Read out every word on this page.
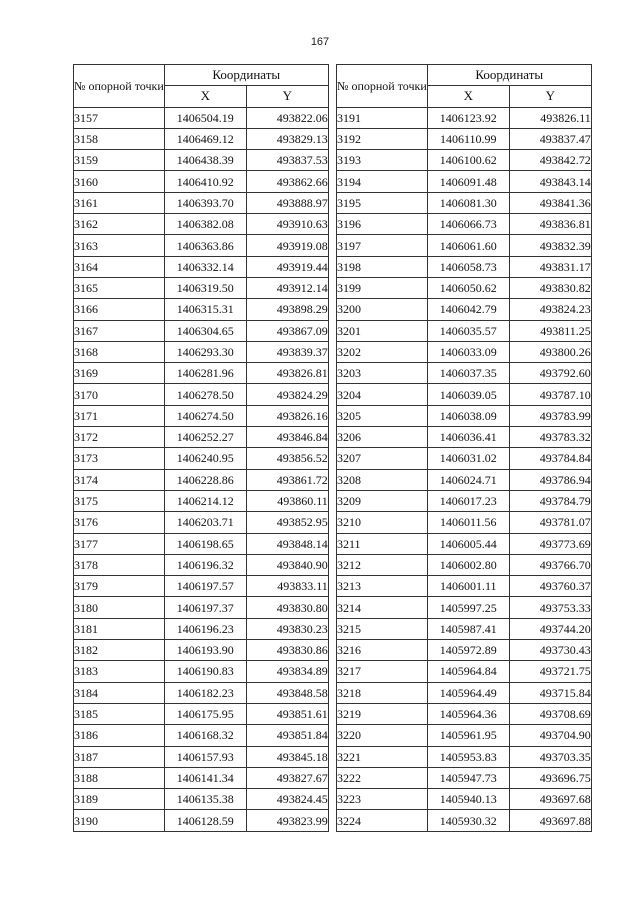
167
№ опорной точки	Координаты	
	X	Y
3157	1406504.19	493822.06
3158	1406469.12	493829.13
3159	1406438.39	493837.53
3160	1406410.92	493862.66
3161	1406393.70	493888.97
3162	1406382.08	493910.63
3163	1406363.86	493919.08
3164	1406332.14	493919.44
3165	1406319.50	493912.14
3166	1406315.31	493898.29
3167	1406304.65	493867.09
3168	1406293.30	493839.37
3169	1406281.96	493826.81
3170	1406278.50	493824.29
3171	1406274.50	493826.16
3172	1406252.27	493846.84
3173	1406240.95	493856.52
3174	1406228.86	493861.72
3175	1406214.12	493860.11
3176	1406203.71	493852.95
3177	1406198.65	493848.14
3178	1406196.32	493840.90
3179	1406197.57	493833.11
3180	1406197.37	493830.80
3181	1406196.23	493830.23
3182	1406193.90	493830.86
3183	1406190.83	493834.89
3184	1406182.23	493848.58
3185	1406175.95	493851.61
3186	1406168.32	493851.84
3187	1406157.93	493845.18
3188	1406141.34	493827.67
3189	1406135.38	493824.45
3190	1406128.59	493823.99
№ опорной точки	Координаты	
	X	Y
3191	1406123.92	493826.11
3192	1406110.99	493837.47
3193	1406100.62	493842.72
3194	1406091.48	493843.14
3195	1406081.30	493841.36
3196	1406066.73	493836.81
3197	1406061.60	493832.39
3198	1406058.73	493831.17
3199	1406050.62	493830.82
3200	1406042.79	493824.23
3201	1406035.57	493811.25
3202	1406033.09	493800.26
3203	1406037.35	493792.60
3204	1406039.05	493787.10
3205	1406038.09	493783.99
3206	1406036.41	493783.32
3207	1406031.02	493784.84
3208	1406024.71	493786.94
3209	1406017.23	493784.79
3210	1406011.56	493781.07
3211	1406005.44	493773.69
3212	1406002.80	493766.70
3213	1406001.11	493760.37
3214	1405997.25	493753.33
3215	1405987.41	493744.20
3216	1405972.89	493730.43
3217	1405964.84	493721.75
3218	1405964.49	493715.84
3219	1405964.36	493708.69
3220	1405961.95	493704.90
3221	1405953.83	493703.35
3222	1405947.73	493696.75
3223	1405940.13	493697.68
3224	1405930.32	493697.88
